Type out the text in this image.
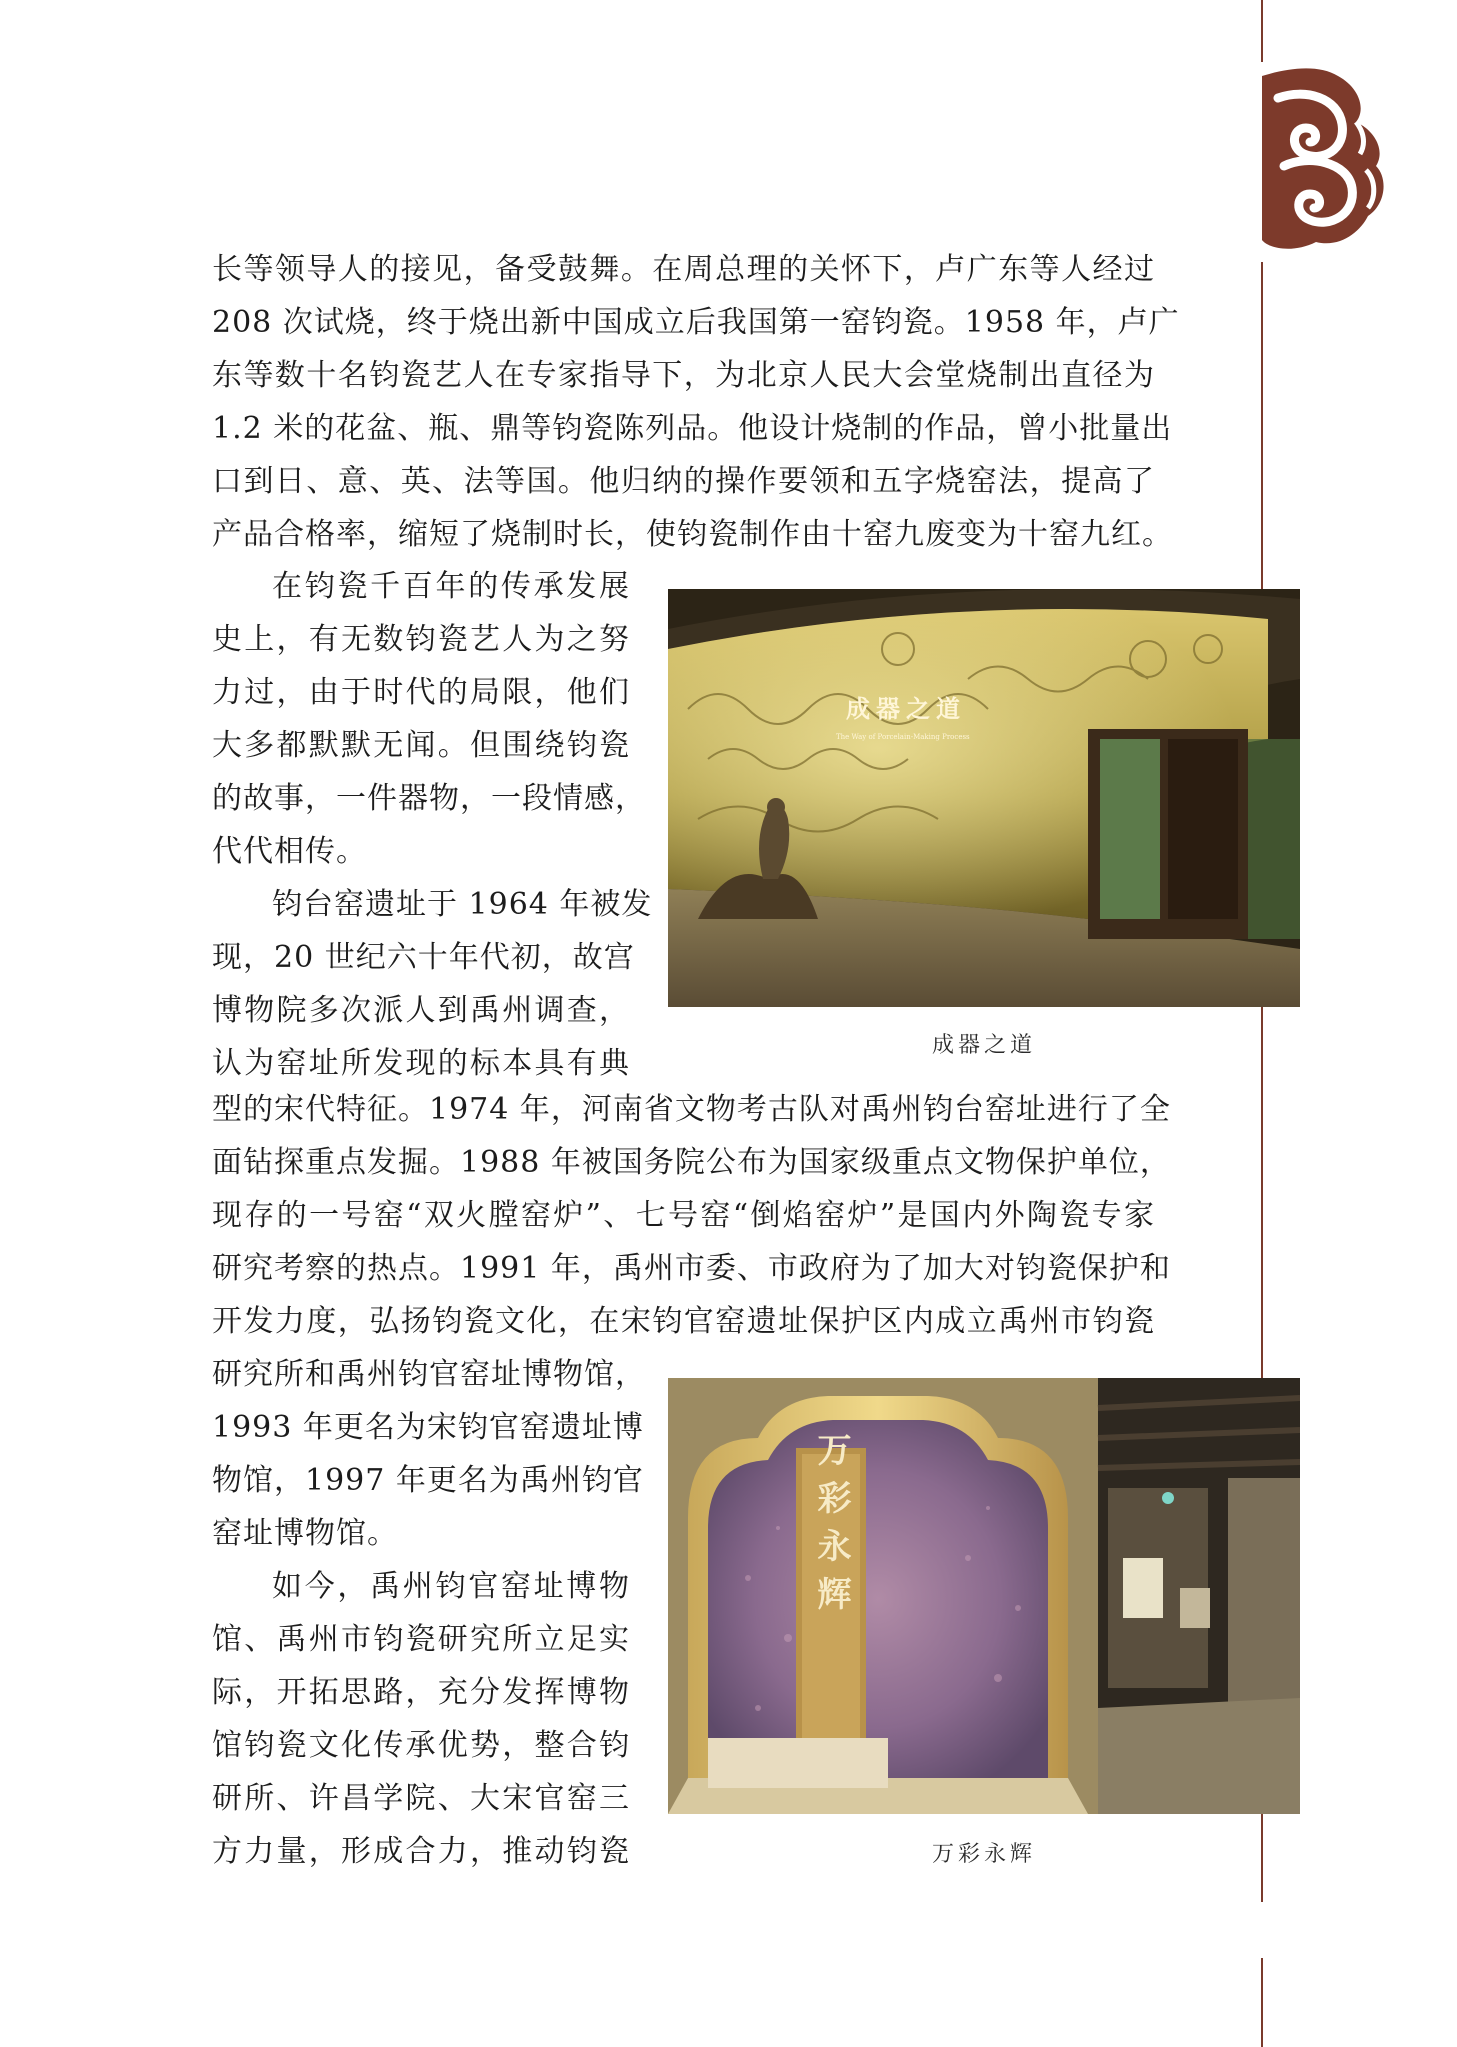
长等领导人的接见，备受鼓舞。在周总理的关怀下，卢广东等人经过
208 次试烧，终于烧出新中国成立后我国第一窑钧瓷。1958 年，卢广
东等数十名钧瓷艺人在专家指导下，为北京人民大会堂烧制出直径为
1.2 米的花盆、瓶、鼎等钧瓷陈列品。他设计烧制的作品，曾小批量出
口到日、意、英、法等国。他归纳的操作要领和五字烧窑法，提高了
产品合格率，缩短了烧制时长，使钧瓷制作由十窑九废变为十窑九红。
在钧瓷千百年的传承发展
史上，有无数钧瓷艺人为之努
力过，由于时代的局限，他们
大多都默默无闻。但围绕钧瓷
的故事，一件器物，一段情感，
代代相传。
钧台窑遗址于 1964 年被发
现，20 世纪六十年代初，故宫
博物院多次派人到禹州调查，
认为窑址所发现的标本具有典
成器之道
The Way of Porcelain-Making Process
成器之道
型的宋代特征。1974 年，河南省文物考古队对禹州钧台窑址进行了全
面钻探重点发掘。1988 年被国务院公布为国家级重点文物保护单位，
现存的一号窑“双火膛窑炉”、七号窑“倒焰窑炉”是国内外陶瓷专家
研究考察的热点。1991 年，禹州市委、市政府为了加大对钧瓷保护和
开发力度，弘扬钧瓷文化，在宋钧官窑遗址保护区内成立禹州市钧瓷
研究所和禹州钧官窑址博物馆，
1993 年更名为宋钧官窑遗址博
物馆，1997 年更名为禹州钧官
窑址博物馆。
如今，禹州钧官窑址博物
馆、禹州市钧瓷研究所立足实
际，开拓思路，充分发挥博物
馆钧瓷文化传承优势，整合钧
研所、许昌学院、大宋官窑三
方力量，形成合力，推动钧瓷
万彩永辉
万彩永辉
